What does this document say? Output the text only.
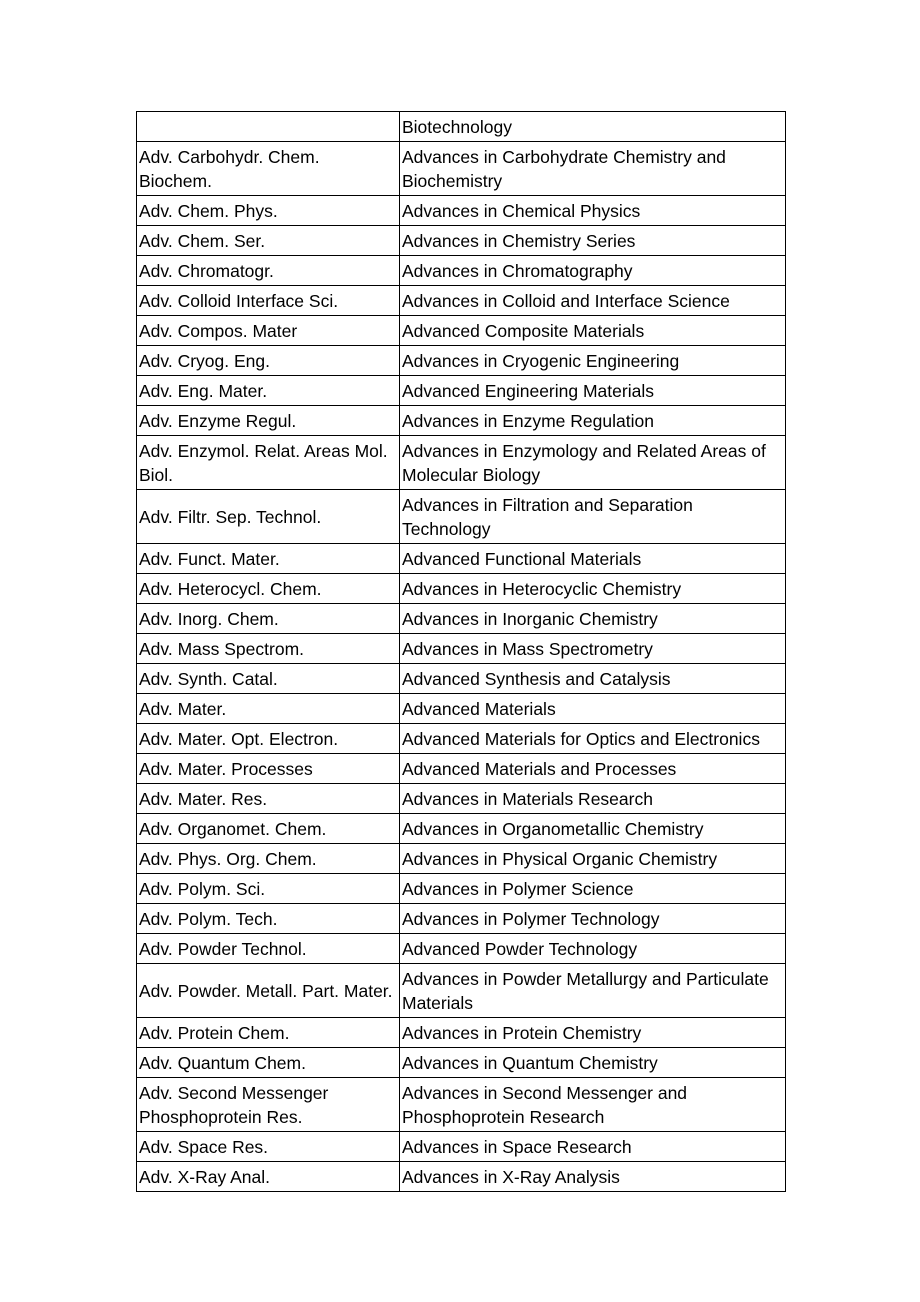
	Biotechnology
Adv. Carbohydr. Chem. Biochem.	Advances in Carbohydrate Chemistry and Biochemistry
Adv. Chem. Phys.	Advances in Chemical Physics
Adv. Chem. Ser.	Advances in Chemistry Series
Adv. Chromatogr.	Advances in Chromatography
Adv. Colloid Interface Sci.	Advances in Colloid and Interface Science
Adv. Compos. Mater	Advanced Composite Materials
Adv. Cryog. Eng.	Advances in Cryogenic Engineering
Adv. Eng. Mater.	Advanced Engineering Materials
Adv. Enzyme Regul.	Advances in Enzyme Regulation
Adv. Enzymol. Relat. Areas Mol. Biol.	Advances in Enzymology and Related Areas of Molecular Biology
Adv. Filtr. Sep. Technol.	Advances in Filtration and Separation Technology
Adv. Funct. Mater.	Advanced Functional Materials
Adv. Heterocycl. Chem.	Advances in Heterocyclic Chemistry
Adv. Inorg. Chem.	Advances in Inorganic Chemistry
Adv. Mass Spectrom.	Advances in Mass Spectrometry
Adv. Synth. Catal.	Advanced Synthesis and Catalysis
Adv. Mater.	Advanced Materials
Adv. Mater. Opt. Electron.	Advanced Materials for Optics and Electronics
Adv. Mater. Processes	Advanced Materials and Processes
Adv. Mater. Res.	Advances in Materials Research
Adv. Organomet. Chem.	Advances in Organometallic Chemistry
Adv. Phys. Org. Chem.	Advances in Physical Organic Chemistry
Adv. Polym. Sci.	Advances in Polymer Science
Adv. Polym. Tech.	Advances in Polymer Technology
Adv. Powder Technol.	Advanced Powder Technology
Adv. Powder. Metall. Part. Mater.	Advances in Powder Metallurgy and Particulate Materials
Adv. Protein Chem.	Advances in Protein Chemistry
Adv. Quantum Chem.	Advances in Quantum Chemistry
Adv. Second Messenger Phosphoprotein Res.	Advances in Second Messenger and Phosphoprotein Research
Adv. Space Res.	Advances in Space Research
Adv. X-Ray Anal.	Advances in X-Ray Analysis
